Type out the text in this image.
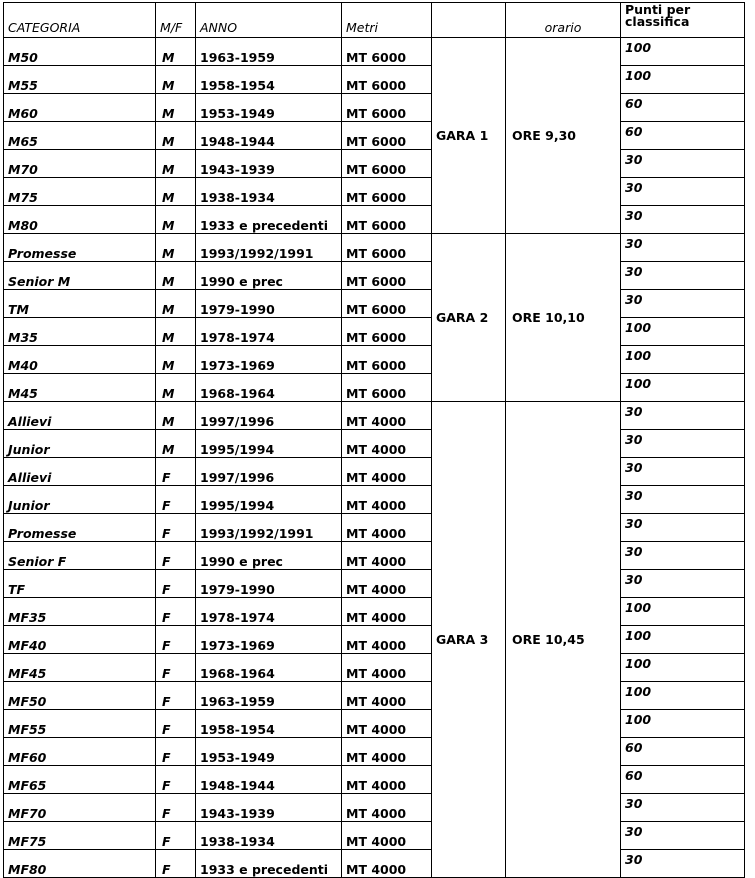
CATEGORIA	M/F	ANNO	Metri		orario	Punti per
classifica
M50	M	1963-1959	MT 6000	GARA 1	ORE 9,30	100
M55	M	1958-1954	MT 6000			100
M60	M	1953-1949	MT 6000			60
M65	M	1948-1944	MT 6000			60
M70	M	1943-1939	MT 6000			30
M75	M	1938-1934	MT 6000			30
M80	M	1933 e precedenti	MT 6000			30
Promesse	M	1993/1992/1991	MT 6000	GARA 2	ORE 10,10	30
Senior M	M	1990 e prec	MT 6000			30
TM	M	1979-1990	MT 6000			30
M35	M	1978-1974	MT 6000			100
M40	M	1973-1969	MT 6000			100
M45	M	1968-1964	MT 6000			100
Allievi	M	1997/1996	MT 4000	GARA 3	ORE 10,45	30
Junior	M	1995/1994	MT 4000			30
Allievi	F	1997/1996	MT 4000			30
Junior	F	1995/1994	MT 4000			30
Promesse	F	1993/1992/1991	MT 4000			30
Senior F	F	1990 e prec	MT 4000			30
TF	F	1979-1990	MT 4000			30
MF35	F	1978-1974	MT 4000			100
MF40	F	1973-1969	MT 4000			100
MF45	F	1968-1964	MT 4000			100
MF50	F	1963-1959	MT 4000			100
MF55	F	1958-1954	MT 4000			100
MF60	F	1953-1949	MT 4000			60
MF65	F	1948-1944	MT 4000			60
MF70	F	1943-1939	MT 4000			30
MF75	F	1938-1934	MT 4000			30
MF80	F	1933 e precedenti	MT 4000			30
